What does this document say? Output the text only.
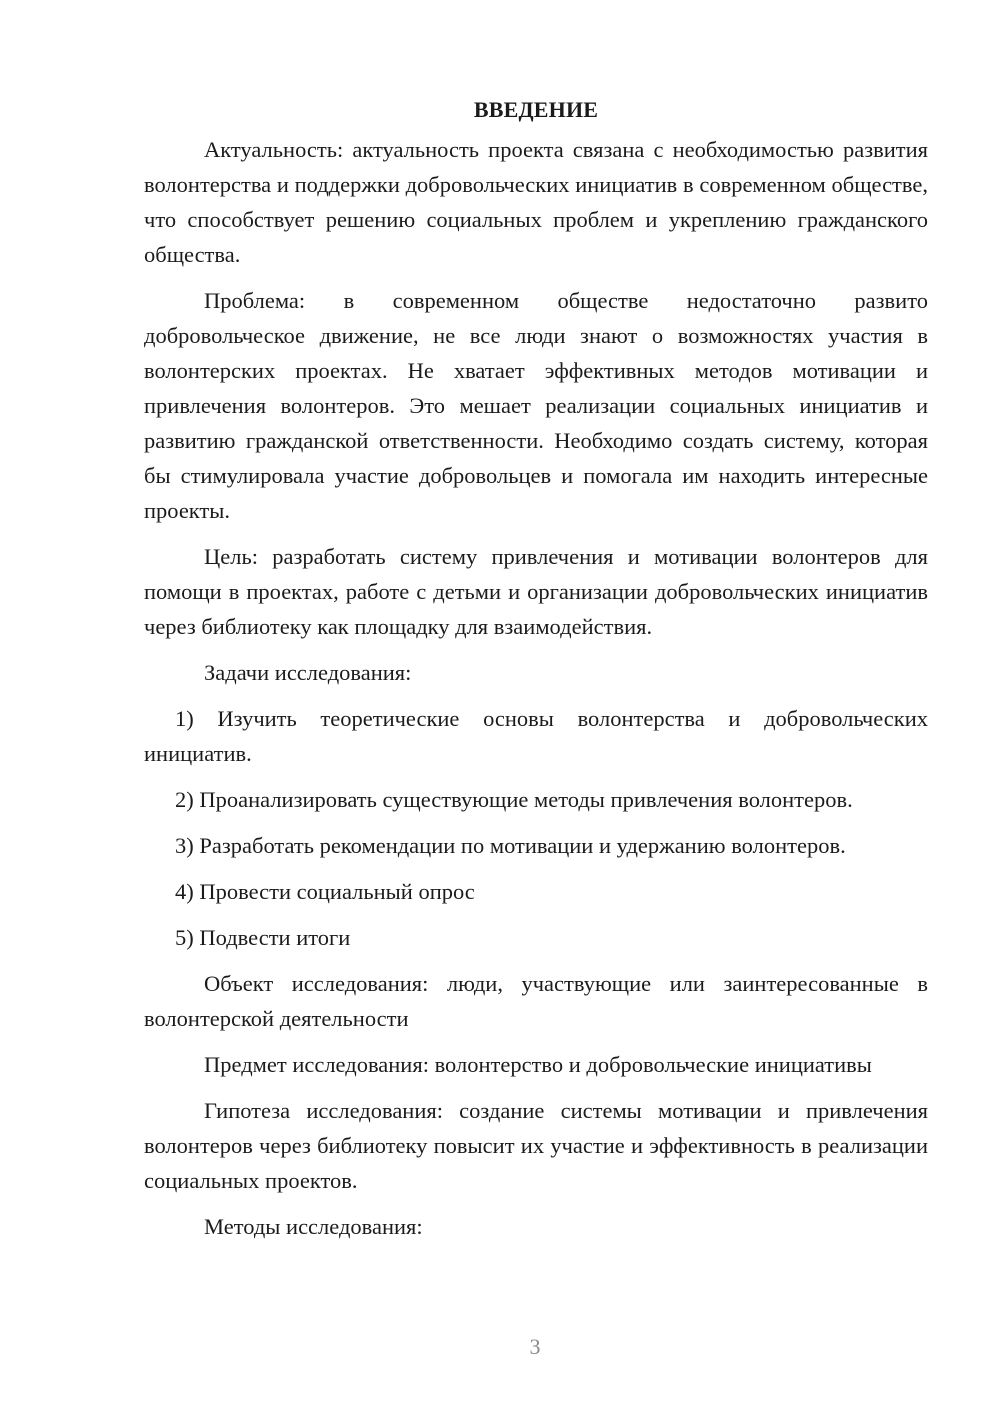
ВВЕДЕНИЕ

Актуальность: актуальность проекта связана с необходимостью развития волонтерства и поддержки добровольческих инициатив в современном обществе, что способствует решению социальных проблем и укреплению гражданского общества.

Проблема: в современном обществе недостаточно развито добровольческое движение, не все люди знают о возможностях участия в волонтерских проектах. Не хватает эффективных методов мотивации и привлечения волонтеров. Это мешает реализации социальных инициатив и развитию гражданской ответственности. Необходимо создать систему, которая бы стимулировала участие добровольцев и помогала им находить интересные проекты.

Цель: разработать систему привлечения и мотивации волонтеров для помощи в проектах, работе с детьми и организации добровольческих инициатив через библиотеку как площадку для взаимодействия.

Задачи исследования:

1) Изучить теоретические основы волонтерства и добровольческих инициатив.

2) Проанализировать существующие методы привлечения волонтеров.

3) Разработать рекомендации по мотивации и удержанию волонтеров.

4) Провести социальный опрос

5) Подвести итоги

Объект исследования: люди, участвующие или заинтересованные в волонтерской деятельности

Предмет исследования: волонтерство и добровольческие инициативы

Гипотеза исследования: создание системы мотивации и привлечения волонтеров через библиотеку повысит их участие и эффективность в реализации социальных проектов.

Методы исследования:

3
